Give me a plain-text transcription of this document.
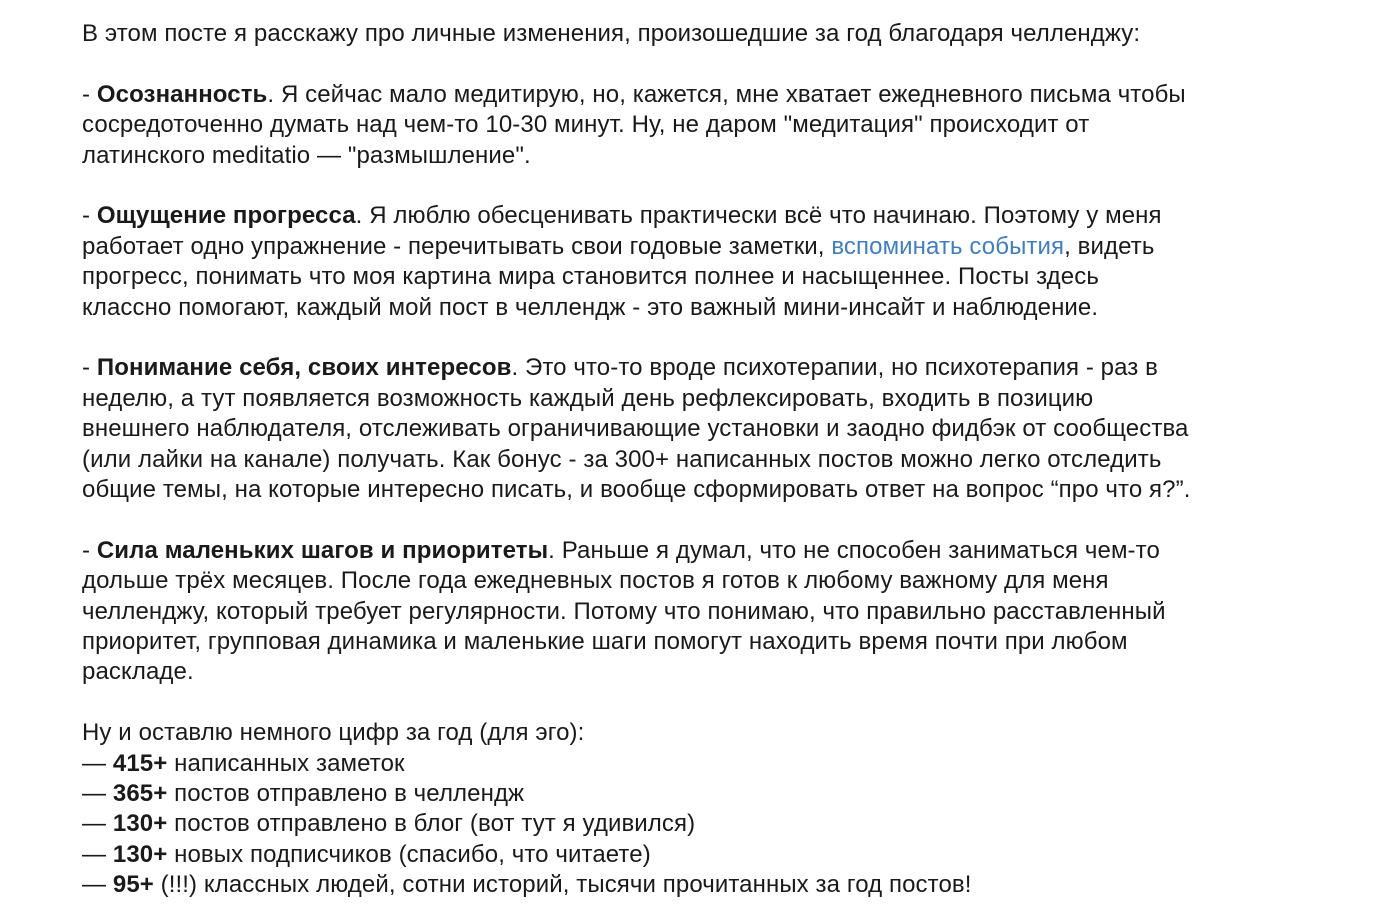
В этом посте я расскажу про личные изменения, произошедшие за год благодаря челленджу:

- Осознанность. Я сейчас мало медитирую, но, кажется, мне хватает ежедневного письма чтобы
сосредоточенно думать над чем-то 10-30 минут. Ну, не даром "медитация" происходит от
латинского meditatio — "размышление".

- Ощущение прогресса. Я люблю обесценивать практически всё что начинаю. Поэтому у меня
работает одно упражнение - перечитывать свои годовые заметки, вспоминать события, видеть
прогресс, понимать что моя картина мира становится полнее и насыщеннее. Посты здесь
классно помогают, каждый мой пост в челлендж - это важный мини-инсайт и наблюдение.

- Понимание себя, своих интересов. Это что-то вроде психотерапии, но психотерапия - раз в
неделю, а тут появляется возможность каждый день рефлексировать, входить в позицию
внешнего наблюдателя, отслеживать ограничивающие установки и заодно фидбэк от сообщества
(или лайки на канале) получать. Как бонус - за 300+ написанных постов можно легко отследить
общие темы, на которые интересно писать, и вообще сформировать ответ на вопрос “про что я?”.

- Сила маленьких шагов и приоритеты. Раньше я думал, что не способен заниматься чем-то
дольше трёх месяцев. После года ежедневных постов я готов к любому важному для меня
челленджу, который требует регулярности. Потому что понимаю, что правильно расставленный
приоритет, групповая динамика и маленькие шаги помогут находить время почти при любом
раскладе.

Ну и оставлю немного цифр за год (для эго):
— 415+ написанных заметок
— 365+ постов отправлено в челлендж
— 130+ постов отправлено в блог (вот тут я удивился)
— 130+ новых подписчиков (спасибо, что читаете)
— 95+ (!!!) классных людей, сотни историй, тысячи прочитанных за год постов!
